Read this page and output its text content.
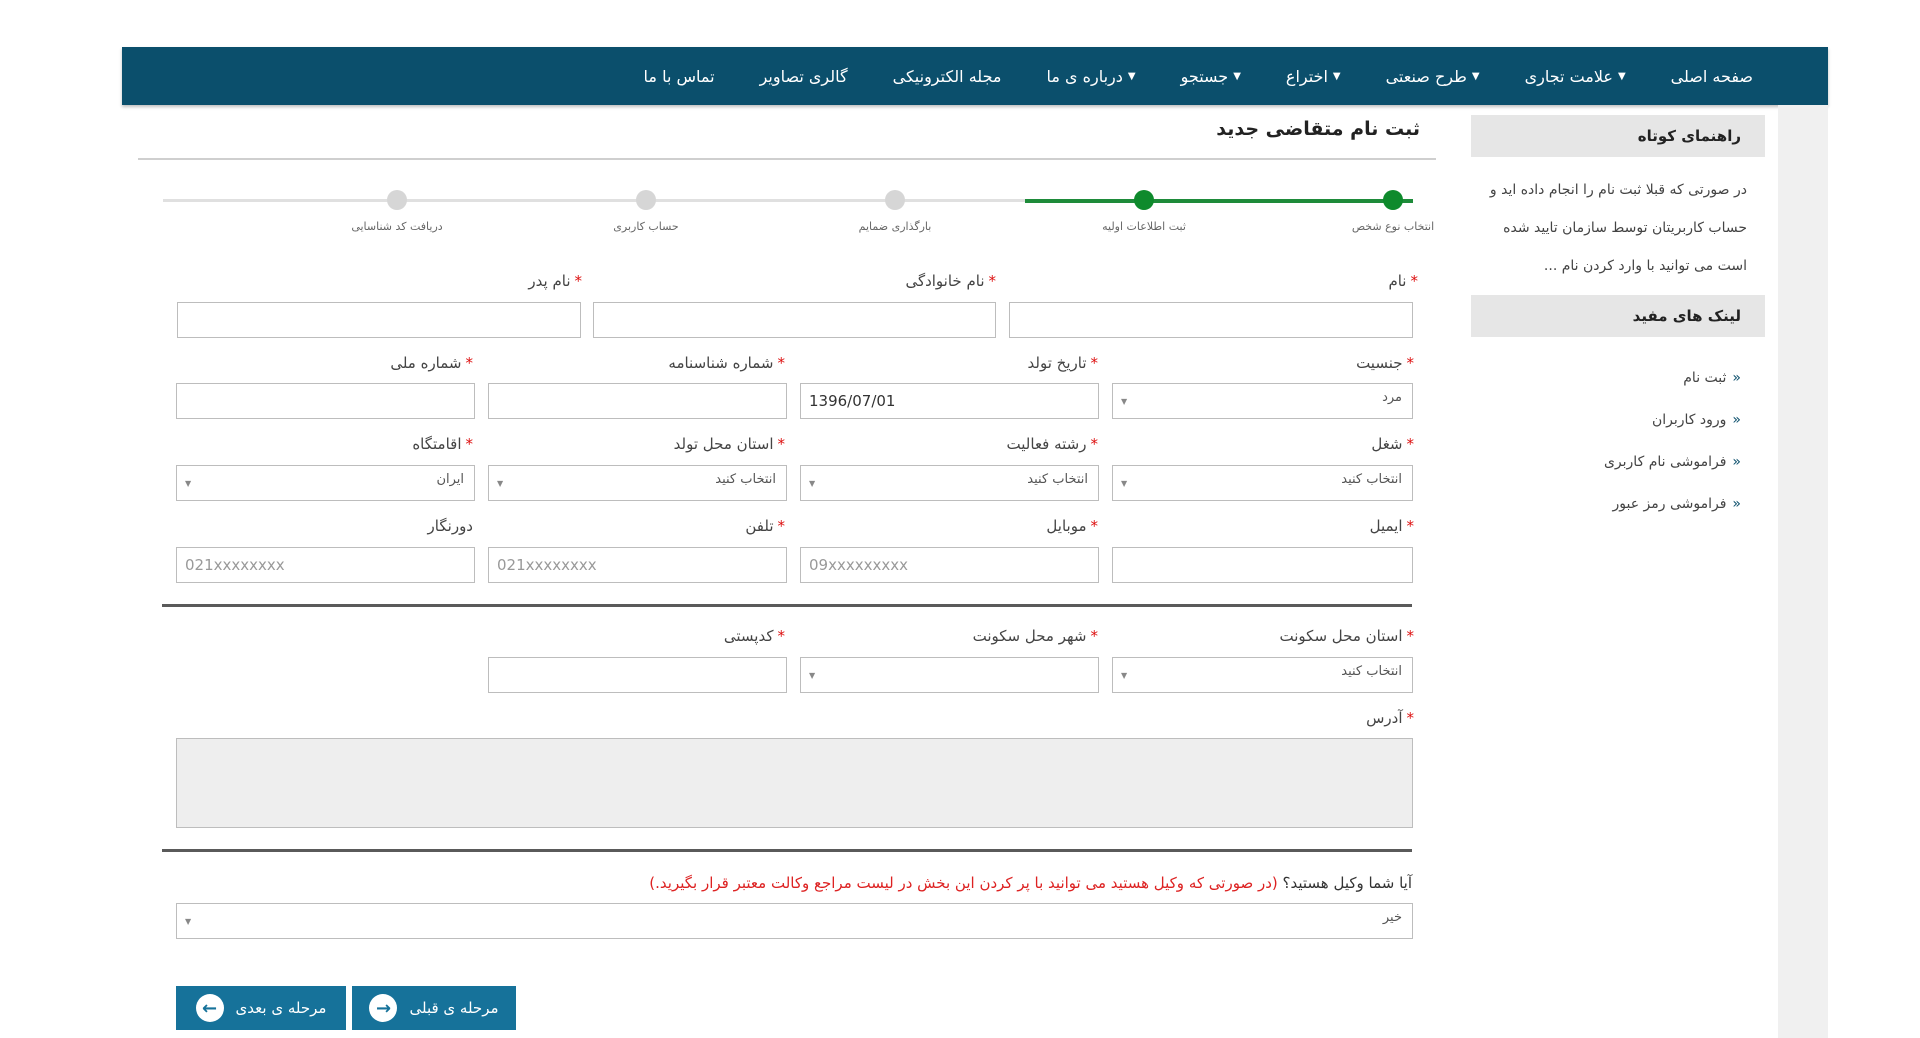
صفحه اصلی
علامت تجاری ▼
طرح صنعتی ▼
اختراع ▼
جستجو ▼
درباره ی ما ▼
مجله الکترونیکی
گالری تصاویر
تماس با ما
راهنمای کوتاه
در صورتی که قبلا ثبت نام را انجام داده اید و حساب کاربریتان توسط سازمان تایید شده است می توانید با وارد کردن نام ...
لینک های مفید
«
ثبت نام
«
ورود کاربران
«
فراموشی نام کاربری
«
فراموشی رمز عبور
ثبت نام متقاضی جدید
انتخاب نوع شخص
ثبت اطلاعات اولیه
بارگذاری ضمایم
حساب کاربری
دریافت کد شناسایی
*نام
*نام خانوادگی
*نام پدر
*جنسیت
مرد
▼
*تاریخ تولد
1396/07/01
*شماره شناسنامه
*شماره ملی
*شغل
انتخاب کنید
▼
*رشته فعالیت
انتخاب کنید
▼
*استان محل تولد
انتخاب کنید
▼
*اقامتگاه
ایران
▼
*ایمیل
*موبایل
09xxxxxxxxx
*تلفن
021xxxxxxxx
دورنگار
021xxxxxxxx
*استان محل سکونت
انتخاب کنید
▼
*شهر محل سکونت
▼
*کدپستی
*آدرس
آیا شما وکیل هستید؟ (در صورتی که وکیل هستید می توانید با پر کردن این بخش در لیست مراجع وکالت معتبر قرار بگیرید.)
خیر
▼
مرحله ی بعدی
←	مرحله ی قبلی
→
